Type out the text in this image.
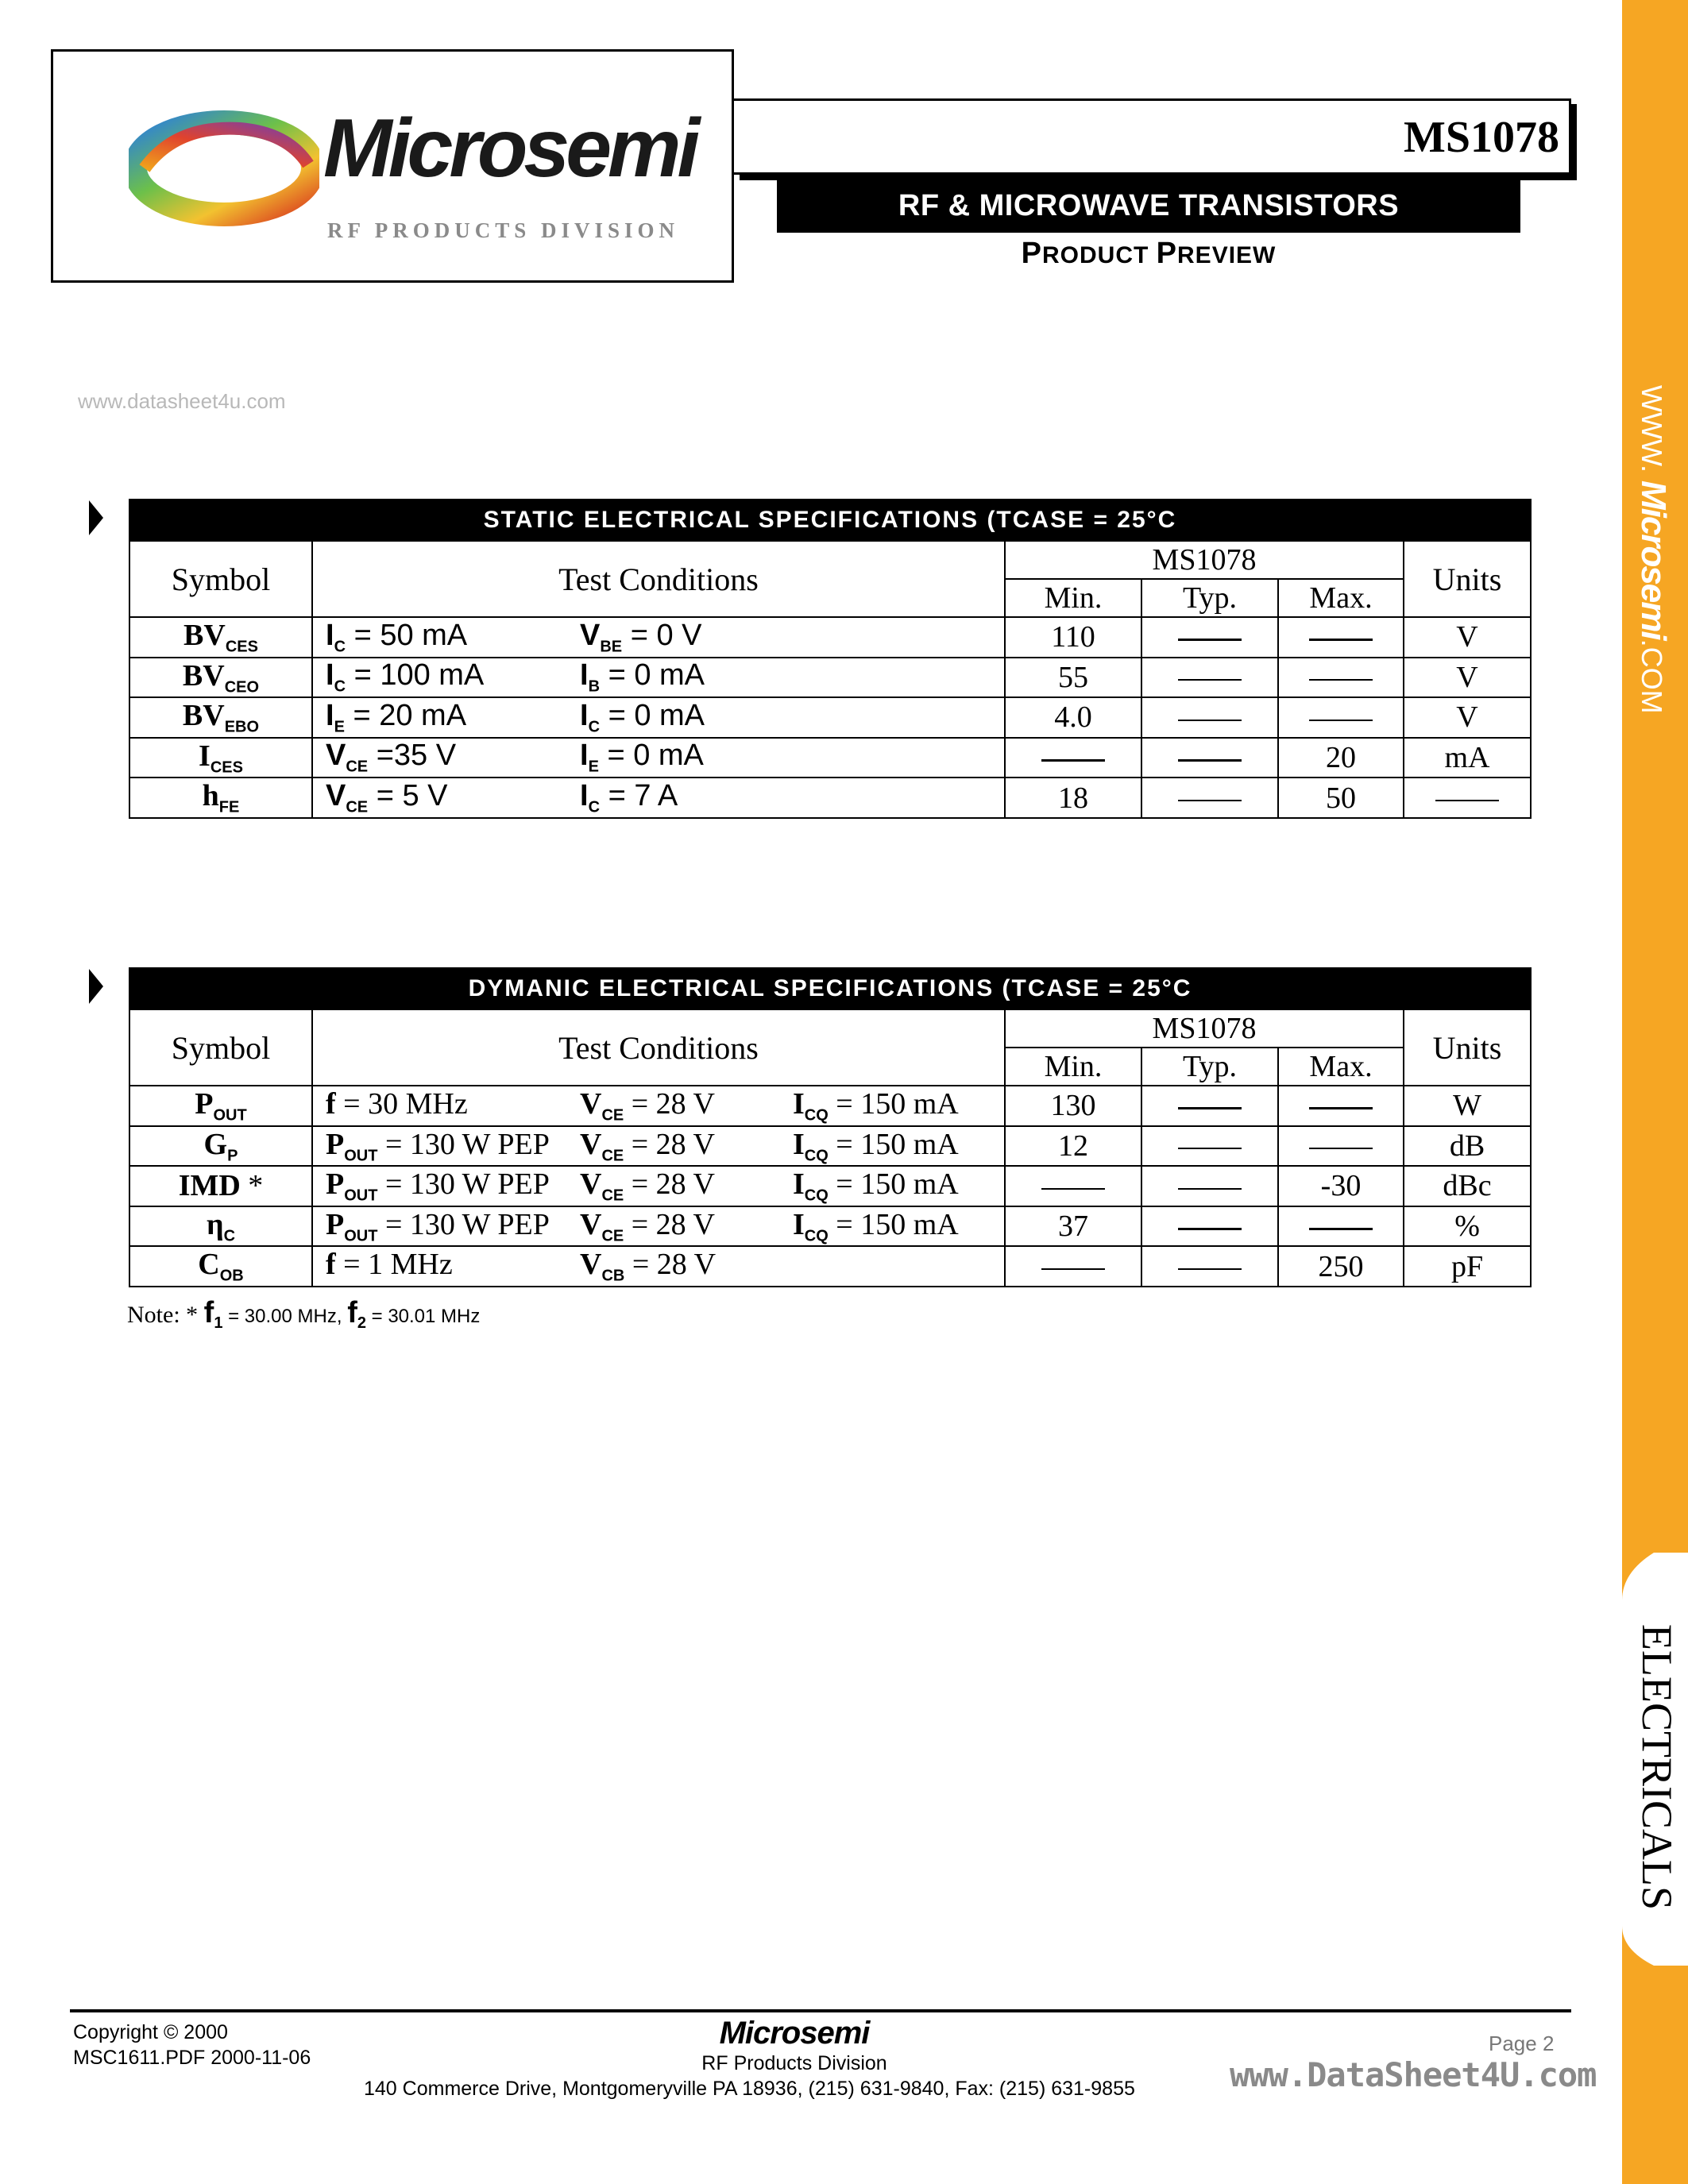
Microsemi
RF PRODUCTS DIVISION
MS1078
RF & MICROWAVE TRANSISTORS
PRODUCT PREVIEW
www.datasheet4u.com	WWW. Microsemi.COM
ELECTRICALS
STATIC ELECTRICAL SPECIFICATIONS (TCASE = 25°C					
Symbol	Test Conditions	MS1078			Units
		Min.	Typ.	Max.	
$BV_{CES}$	$I_C = 50$ mA $V_{BE} = 0$ V	110			V
$BV_{CEO}$	$I_C = 100$ mA $I_B = 0$ mA	55			V
$BV_{EBO}$	$I_E = 20$ mA $I_C = 0$ mA	4.0			V
$I_{CES}$	$V_{CE} =35$ V $I_E = 0$ mA			20	mA
$h_{FE}$	$V_{CE} = 5$ V $I_C = 7$ A	18		50	
DYMANIC ELECTRICAL SPECIFICATIONS (TCASE = 25°C					
Symbol	Test Conditions	MS1078			Units
		Min.	Typ.	Max.	
$P_{OUT}$	f = 30 MHz $V_{CE} = 28$ V $I_{CQ} = 150$ mA	130			W
$G_P$	$P_{OUT} = 130$ W PEP $V_{CE} = 28$ V $I_{CQ} = 150$ mA	12			dB
IMD *	$P_{OUT} = 130$ W PEP $V_{CE} = 28$ V $I_{CQ} = 150$ mA			-30	dBc
$\eta_C$	$P_{OUT} = 130$ W PEP $V_{CE} = 28$ V $I_{CQ} = 150$ mA	37			%
$C_{OB}$	f = 1 MHz $V_{CB} = 28$ V			250	pF
Note: * $f_1 = 30.00$ MHz, $f_2 = 30.01$ MHz
Copyright © 2000
MSC1611.PDF 2000-11-06
Microsemi
RF Products Division
140 Commerce Drive, Montgomeryville PA 18936, (215) 631-9840, Fax: (215) 631-9855
Page 2
www.DataSheet4U.com
